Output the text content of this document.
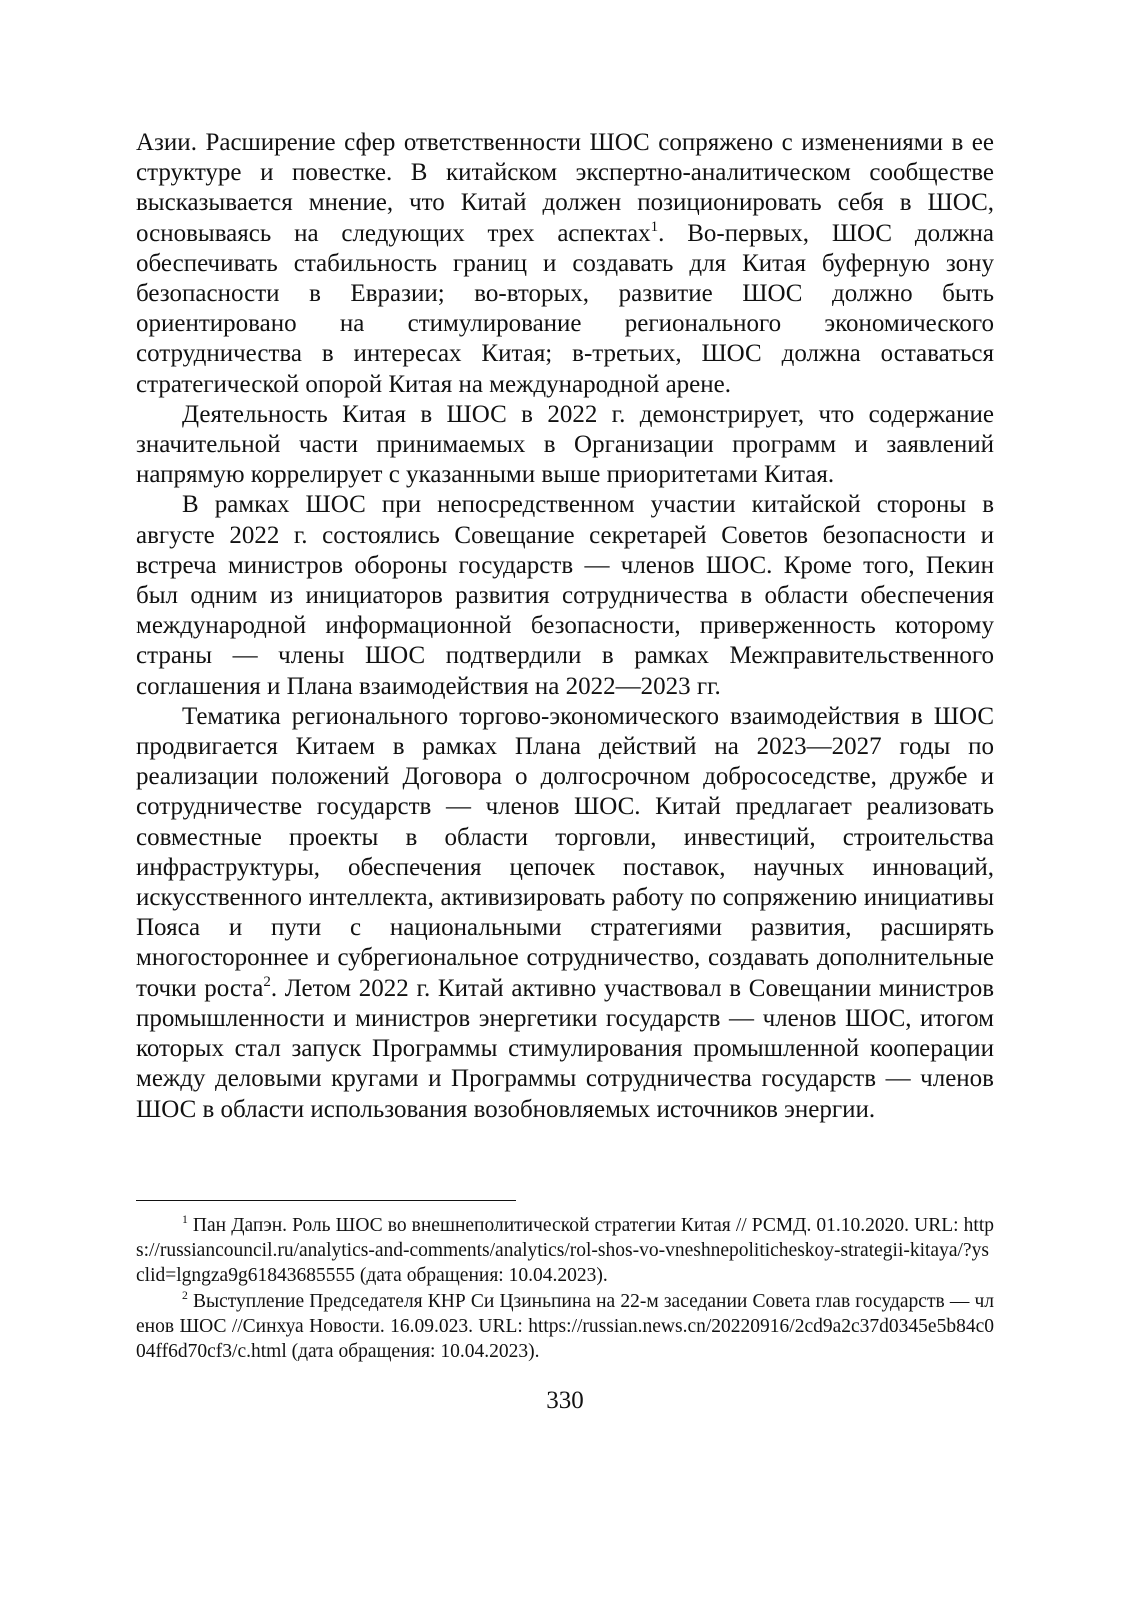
Азии. Расширение сфер ответственности ШОС сопряжено с изменениями в ее структуре и повестке. В китайском экспертно-аналитическом сообществе высказывается мнение, что Китай должен позиционировать себя в ШОС, основываясь на следующих трех аспектах$^1$. Во-первых, ШОС должна обеспечивать стабильность границ и создавать для Китая буферную зону безопасности в Евразии; во-вторых, развитие ШОС должно быть ориентировано на стимулирование регионального экономического сотрудничества в интересах Китая; в-третьих, ШОС должна оставаться стратегической опорой Китая на международной арене.

Деятельность Китая в ШОС в 2022 г. демонстрирует, что содержание значительной части принимаемых в Организации программ и заявлений напрямую коррелирует с указанными выше приоритетами Китая.

В рамках ШОС при непосредственном участии китайской стороны в августе 2022 г. состоялись Совещание секретарей Советов безопасности и встреча министров обороны государств — членов ШОС. Кроме того, Пекин был одним из инициаторов развития сотрудничества в области обеспечения международной информационной безопасности, приверженность которому страны — члены ШОС подтвердили в рамках Межправительственного соглашения и Плана взаимодействия на 2022—2023 гг.

Тематика регионального торгово-экономического взаимодействия в ШОС продвигается Китаем в рамках Плана действий на 2023—2027 годы по реализации положений Договора о долгосрочном добрососедстве, дружбе и сотрудничестве государств — членов ШОС. Китай предлагает реализовать совместные проекты в области торговли, инвестиций, строительства инфраструктуры, обеспечения цепочек поставок, научных инноваций, искусственного интеллекта, активизировать работу по сопряжению инициативы Пояса и пути с национальными стратегиями развития, расширять многостороннее и субрегиональное сотрудничество, создавать дополнительные точки роста$^2$. Летом 2022 г. Китай активно участвовал в Совещании министров промышленности и министров энергетики государств — членов ШОС, итогом которых стал запуск Программы стимулирования промышленной кооперации между деловыми кругами и Программы сотрудничества государств — членов ШОС в области использования возобновляемых источников энергии.

$^1$ Пан Дапэн. Роль ШОС во внешнеполитической стратегии Китая // РСМД. 01.10.2020. URL: https://russiancouncil.ru/analytics-and-comments/analytics/rol-shos-vo-vneshnepoliticheskoy-strategii-kitaya/?ysclid=lgngza9g61843685555 (дата обращения: 10.04.2023).

$^2$ Выступление Председателя КНР Си Цзиньпина на 22-м заседании Совета глав государств — членов ШОС //Синхуа Новости. 16.09.023. URL: https://russian.news.cn/20220916/2cd9a2c37d0345e5b84c004ff6d70cf3/c.html (дата обращения: 10.04.2023).

330
